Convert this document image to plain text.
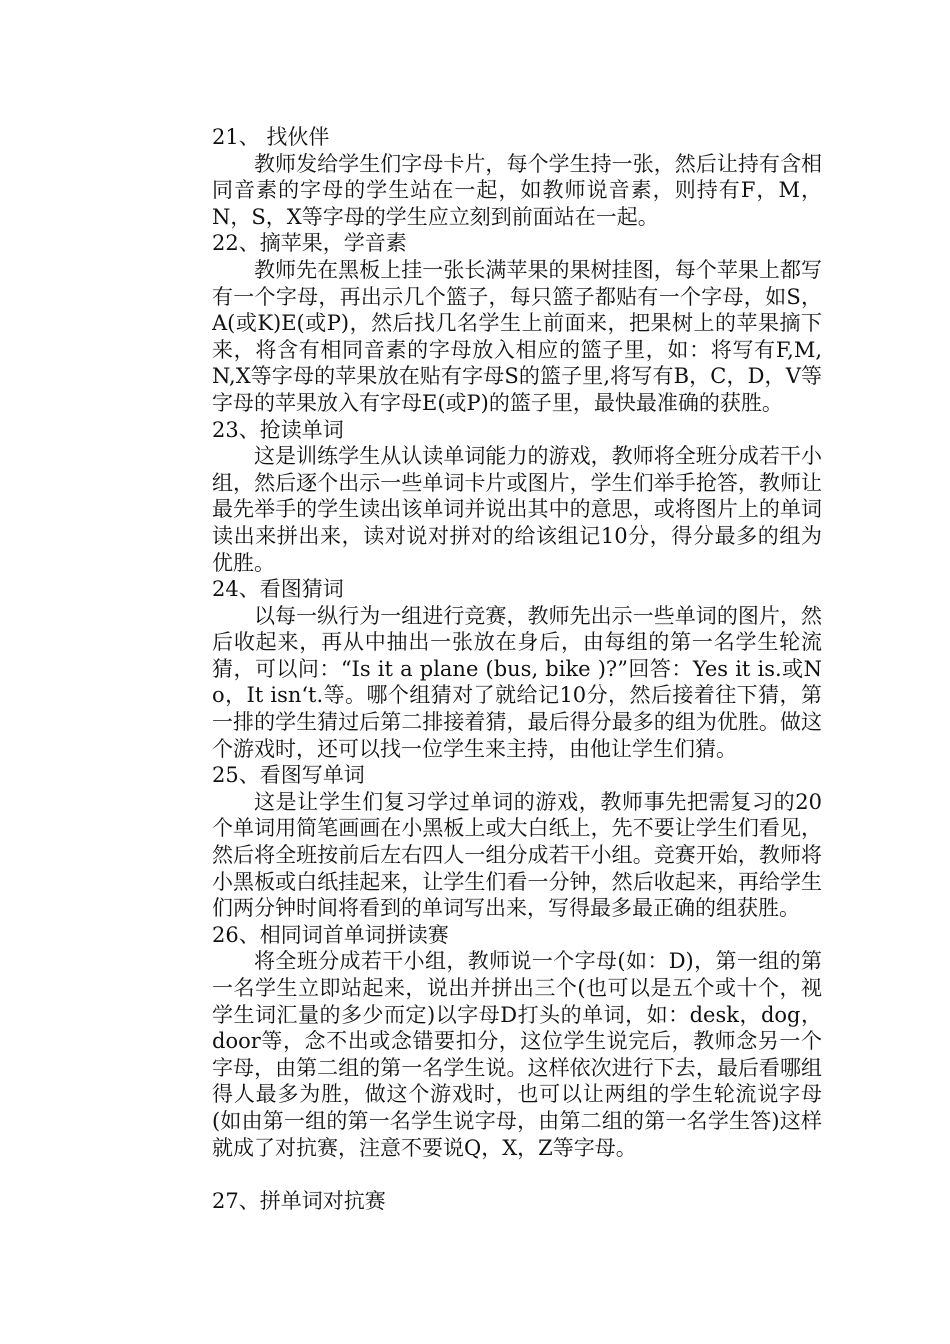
21、 找伙伴

教师发给学生们字母卡片，每个学生持一张，然后让持有含相同音素的字母的学生站在一起，如教师说音素，则持有F，M，N，S，X等字母的学生应立刻到前面站在一起。

22、摘苹果，学音素

教师先在黑板上挂一张长满苹果的果树挂图，每个苹果上都写有一个字母，再出示几个篮子，每只篮子都贴有一个字母，如S，A(或K)E(或P)，然后找几名学生上前面来，把果树上的苹果摘下来，将含有相同音素的字母放入相应的篮子里，如：将写有F,M,N,X等字母的苹果放在贴有字母S的篮子里,将写有B，C，D，V等字母的苹果放入有字母E(或P)的篮子里，最快最准确的获胜。

23、抢读单词

这是训练学生从认读单词能力的游戏，教师将全班分成若干小组，然后逐个出示一些单词卡片或图片，学生们举手抢答，教师让最先举手的学生读出该单词并说出其中的意思，或将图片上的单词读出来拼出来，读对说对拼对的给该组记10分，得分最多的组为优胜。

24、看图猜词

以每一纵行为一组进行竞赛，教师先出示一些单词的图片，然后收起来，再从中抽出一张放在身后，由每组的第一名学生轮流猜，可以问：“Is it a plane (bus, bike )?”回答：Yes it is.或No，It isn‘t.等。哪个组猜对了就给记10分，然后接着往下猜，第一排的学生猜过后第二排接着猜，最后得分最多的组为优胜。做这个游戏时，还可以找一位学生来主持，由他让学生们猜。

25、看图写单词

这是让学生们复习学过单词的游戏，教师事先把需复习的20个单词用简笔画画在小黑板上或大白纸上，先不要让学生们看见，然后将全班按前后左右四人一组分成若干小组。竞赛开始，教师将小黑板或白纸挂起来，让学生们看一分钟，然后收起来，再给学生们两分钟时间将看到的单词写出来，写得最多最正确的组获胜。

26、相同词首单词拼读赛

将全班分成若干小组，教师说一个字母(如：D)，第一组的第一名学生立即站起来，说出并拼出三个(也可以是五个或十个，视学生词汇量的多少而定)以字母D打头的单词，如：desk，dog， door等，念不出或念错要扣分，这位学生说完后，教师念另一个字母，由第二组的第一名学生说。这样依次进行下去，最后看哪组得人最多为胜，做这个游戏时，也可以让两组的学生轮流说字母(如由第一组的第一名学生说字母，由第二组的第一名学生答)这样就成了对抗赛，注意不要说Q，X，Z等字母。

27、拼单词对抗赛
